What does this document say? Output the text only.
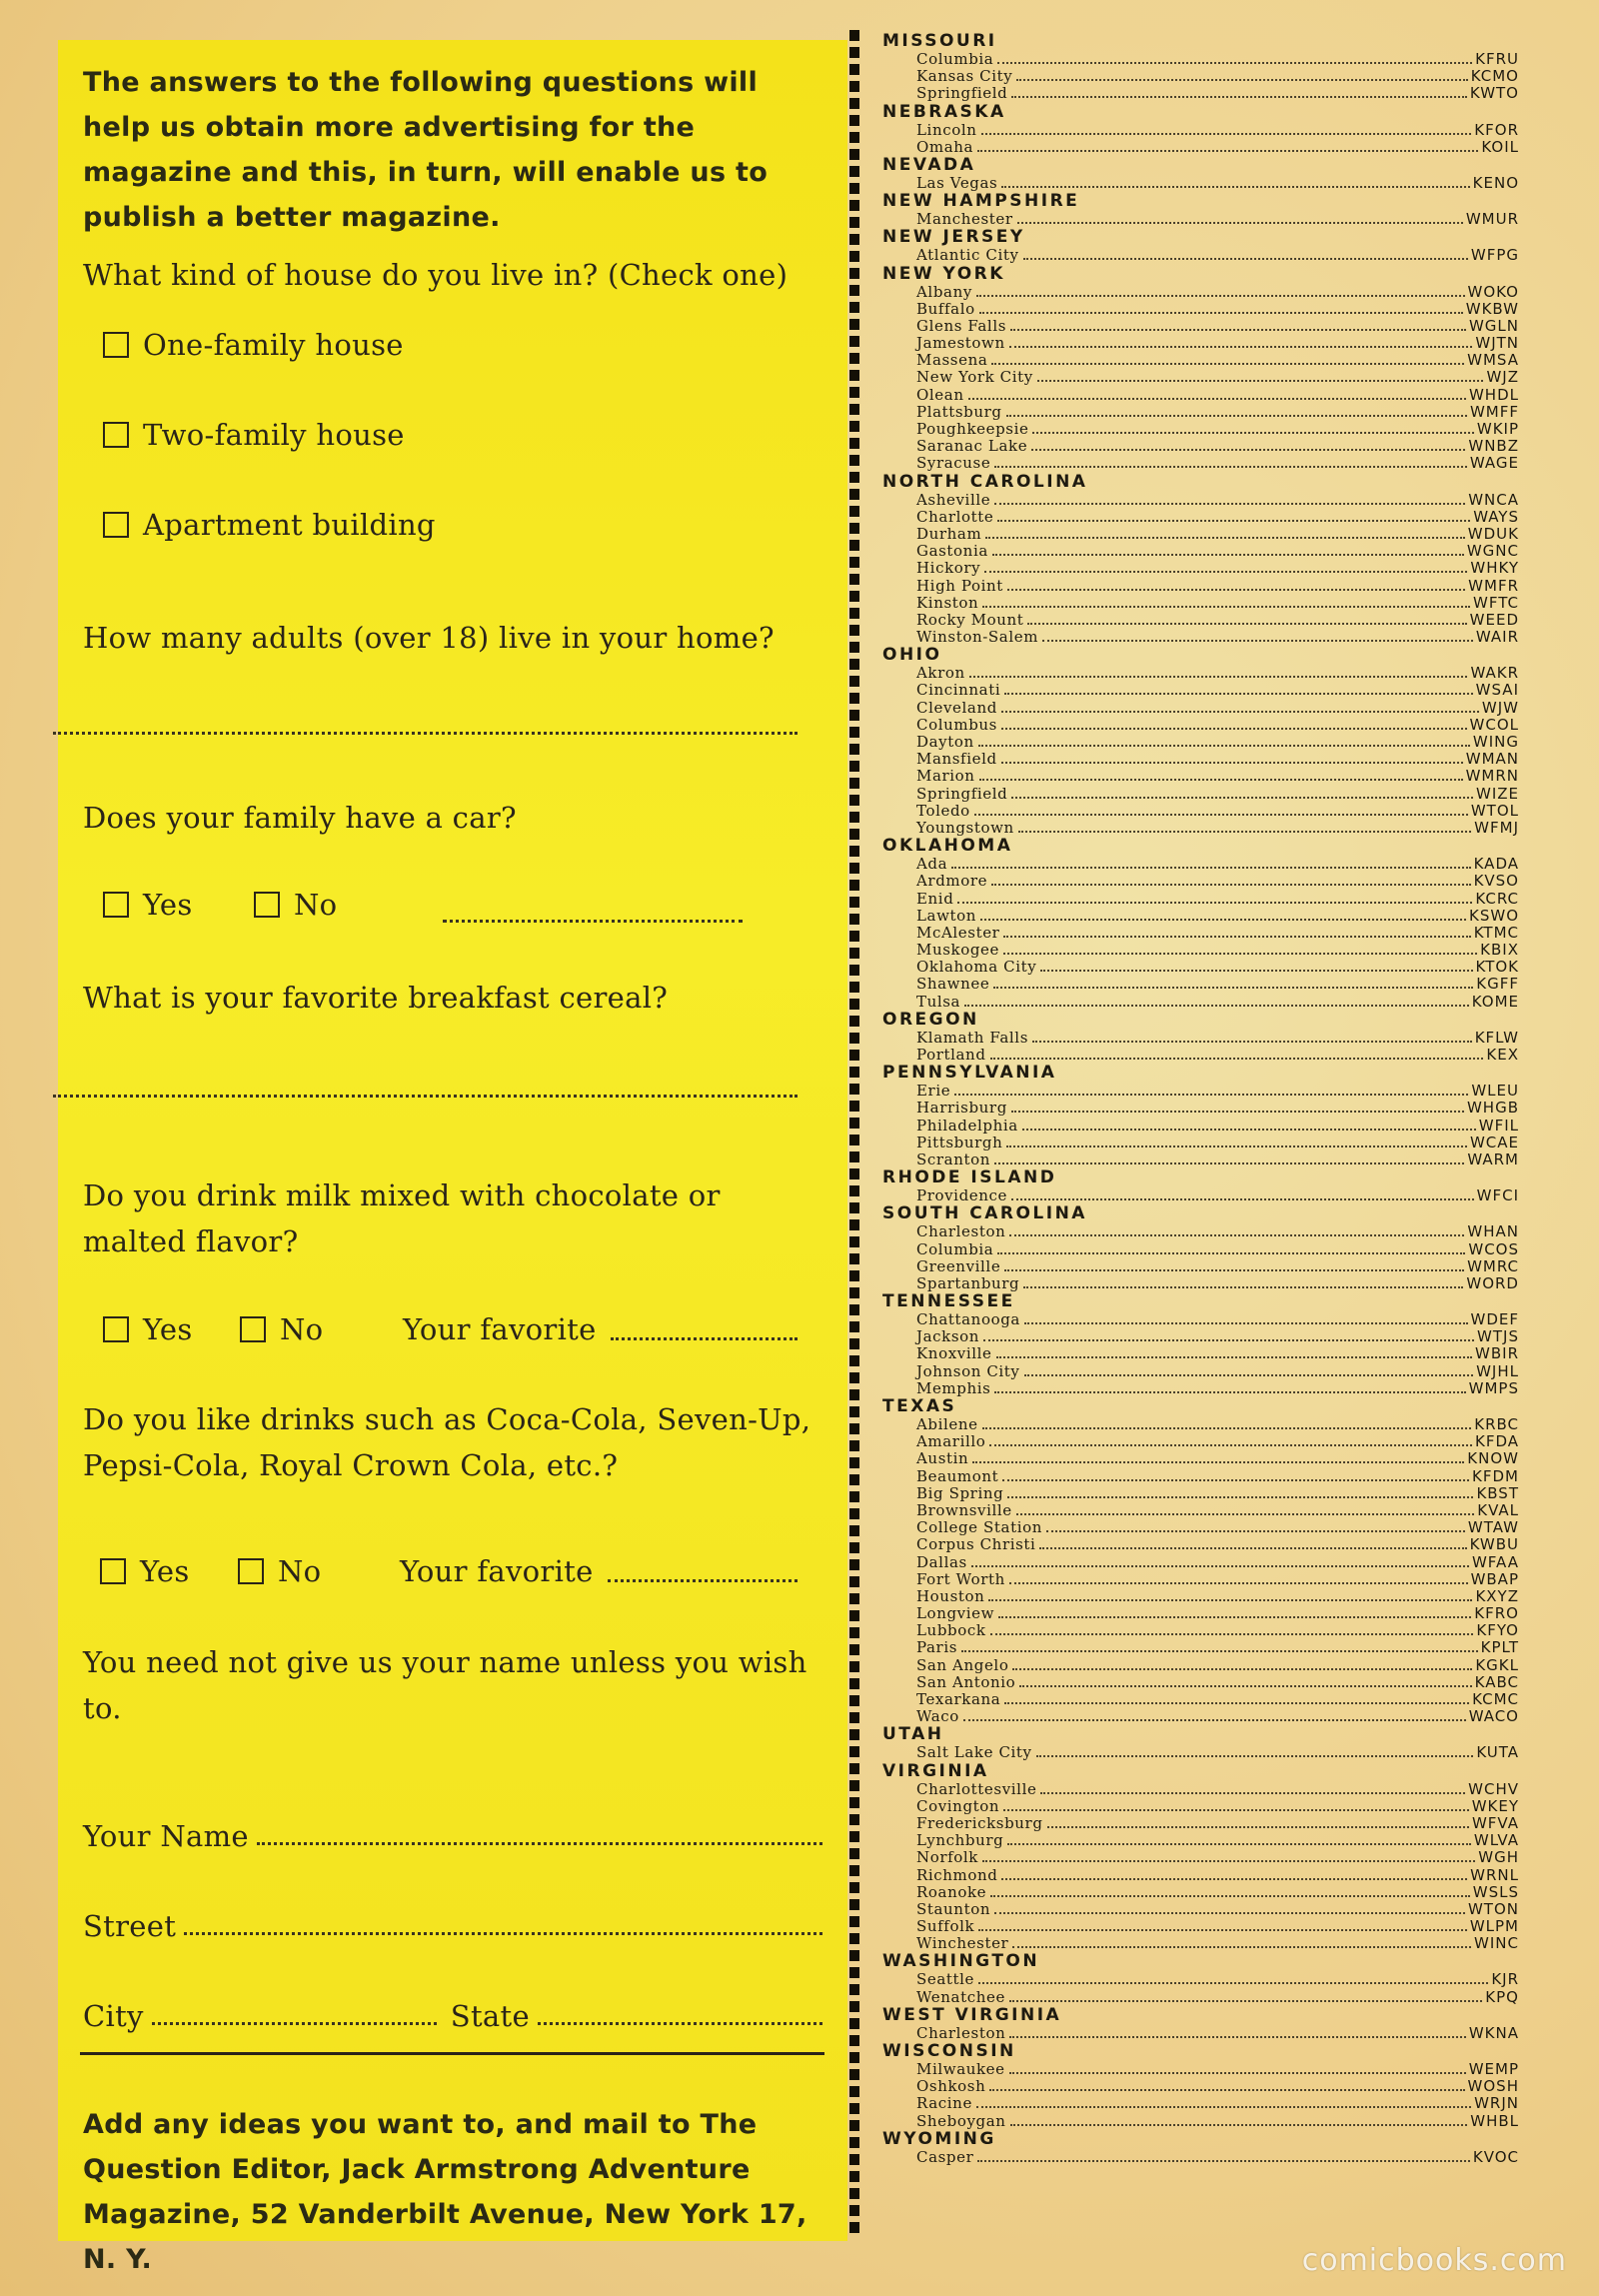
The answers to the following questions will help us obtain more advertising for the magazine and this, in turn, will enable us to publish a better magazine.

What kind of house do you live in? (Check one)
One-family house
Two-family house
Apartment building
How many adults (over 18) live in your home?
Does your family have a car?
Yes	No
What is your favorite breakfast cereal?
Do you drink milk mixed with chocolate or malted flavor?
Yes	No	Your favorite
Do you like drinks such as Coca-Cola, Seven-Up, Pepsi-Cola, Royal Crown Cola, etc.?
Yes	No	Your favorite
You need not give us your name unless you wish to.
Your Name
Street
City	State

Add any ideas you want to, and mail to The Question Editor, Jack Armstrong Adventure Magazine, 52 Vanderbilt Avenue, New York 17, N. Y.

MISSOURI
Columbia	KFRU
Kansas City	KCMO
Springfield	KWTO
NEBRASKA
Lincoln	KFOR
Omaha	KOIL
NEVADA
Las Vegas	KENO
NEW HAMPSHIRE
Manchester	WMUR
NEW JERSEY
Atlantic City	WFPG
NEW YORK
Albany	WOKO
Buffalo	WKBW
Glens Falls	WGLN
Jamestown	WJTN
Massena	WMSA
New York City	WJZ
Olean	WHDL
Plattsburg	WMFF
Poughkeepsie	WKIP
Saranac Lake	WNBZ
Syracuse	WAGE
NORTH CAROLINA
Asheville	WNCA
Charlotte	WAYS
Durham	WDUK
Gastonia	WGNC
Hickory	WHKY
High Point	WMFR
Kinston	WFTC
Rocky Mount	WEED
Winston-Salem	WAIR
OHIO
Akron	WAKR
Cincinnati	WSAI
Cleveland	WJW
Columbus	WCOL
Dayton	WING
Mansfield	WMAN
Marion	WMRN
Springfield	WIZE
Toledo	WTOL
Youngstown	WFMJ
OKLAHOMA
Ada	KADA
Ardmore	KVSO
Enid	KCRC
Lawton	KSWO
McAlester	KTMC
Muskogee	KBIX
Oklahoma City	KTOK
Shawnee	KGFF
Tulsa	KOME
OREGON
Klamath Falls	KFLW
Portland	KEX
PENNSYLVANIA
Erie	WLEU
Harrisburg	WHGB
Philadelphia	WFIL
Pittsburgh	WCAE
Scranton	WARM
RHODE ISLAND
Providence	WFCI
SOUTH CAROLINA
Charleston	WHAN
Columbia	WCOS
Greenville	WMRC
Spartanburg	WORD
TENNESSEE
Chattanooga	WDEF
Jackson	WTJS
Knoxville	WBIR
Johnson City	WJHL
Memphis	WMPS
TEXAS
Abilene	KRBC
Amarillo	KFDA
Austin	KNOW
Beaumont	KFDM
Big Spring	KBST
Brownsville	KVAL
College Station	WTAW
Corpus Christi	KWBU
Dallas	WFAA
Fort Worth	WBAP
Houston	KXYZ
Longview	KFRO
Lubbock	KFYO
Paris	KPLT
San Angelo	KGKL
San Antonio	KABC
Texarkana	KCMC
Waco	WACO
UTAH
Salt Lake City	KUTA
VIRGINIA
Charlottesville	WCHV
Covington	WKEY
Fredericksburg	WFVA
Lynchburg	WLVA
Norfolk	WGH
Richmond	WRNL
Roanoke	WSLS
Staunton	WTON
Suffolk	WLPM
Winchester	WINC
WASHINGTON
Seattle	KJR
Wenatchee	KPQ
WEST VIRGINIA
Charleston	WKNA
WISCONSIN
Milwaukee	WEMP
Oshkosh	WOSH
Racine	WRJN
Sheboygan	WHBL
WYOMING
Casper	KVOC
comicbooks.com
